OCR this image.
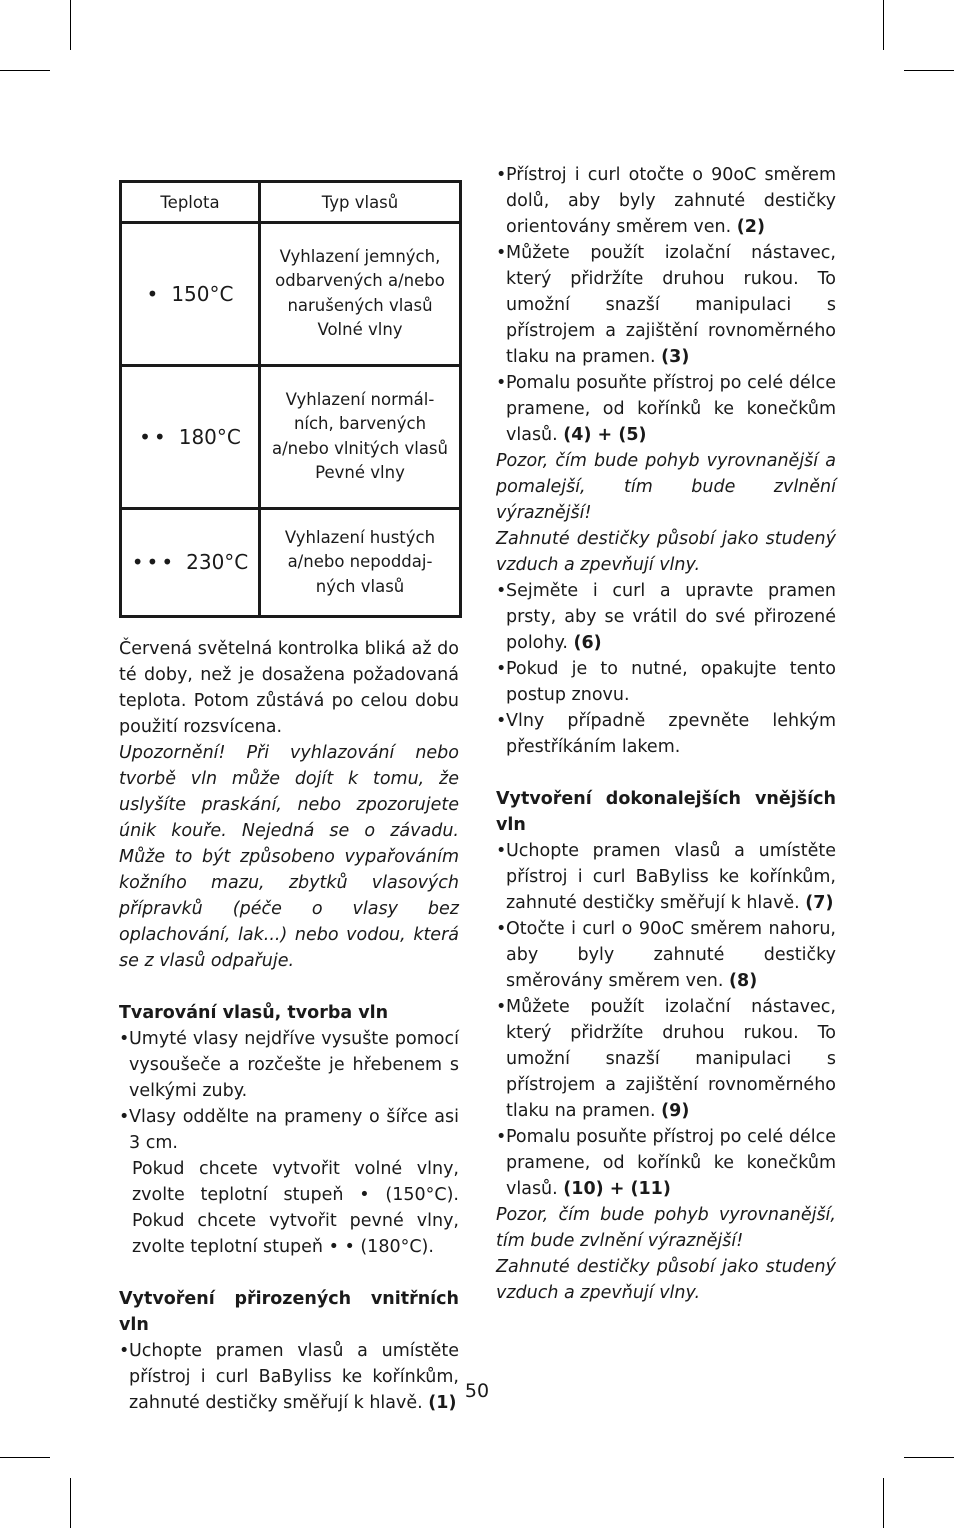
Teplota	Typ vlasů
• 150°C	Vyhlazení jemných,
odbarvených a/nebo
narušených vlasů
Volné vlny

•• 180°C	Vyhlazení normál-
ních, barvených
a/nebo vlnitých vlasů
Pevné vlny

••• 230°C	Vyhlazení hustých
a/nebo nepoddaj-
ných vlasů

Červená světelná kontrolka bliká až do té doby, než je dosažena požadovaná teplota. Potom zůstává po celou dobu použití rozsvícena.

Upozornění! Při vyhlazování nebo tvorbě vln může dojít k tomu, že uslyšíte praskání, nebo zpozorujete únik kouře. Nejedná se o závadu. Může to být způsobeno vypařováním kožního mazu, zbytků vlasových přípravků (péče o vlasy bez oplachování, lak...) nebo vodou, která se z vlasů odpařuje.

Tvarování vlasů, tvorba vln

• Umyté vlasy nejdříve vysušte pomocí vysoušeče a rozčešte je hřebenem s velkými zuby.
• Vlasy oddělte na prameny o šířce asi 3 cm.

Pokud chcete vytvořit volné vlny, zvolte teplotní stupeň • (150°C). Pokud chcete vytvořit pevné vlny, zvolte teplotní stupeň • • (180°C).

Vytvoření přirozených vnitřních vln

• Uchopte pramen vlasů a umístěte přístroj i curl BaByliss ke kořínkům, zahnuté destičky směřují k hlavě. (1)
• Přístroj i curl otočte o 90oC směrem dolů, aby byly zahnuté destičky orientovány směrem ven. (2)
• Můžete použít izolační nástavec, který přidržíte druhou rukou. To umožní snazší manipulaci s přístrojem a zajištění rovnoměrného tlaku na pramen. (3)
• Pomalu posuňte přístroj po celé délce pramene, od kořínků ke konečkům vlasů. (4) + (5)

Pozor, čím bude pohyb vyrovnanější a pomalejší, tím bude zvlnění výraznější!

Zahnuté destičky působí jako studený vzduch a zpevňují vlny.

• Sejměte i curl a upravte pramen prsty, aby se vrátil do své přirozené polohy. (6)
• Pokud je to nutné, opakujte tento postup znovu.
• Vlny případně zpevněte lehkým přestříkáním lakem.

Vytvoření dokonalejších vnějších vln

• Uchopte pramen vlasů a umístěte přístroj i curl BaByliss ke kořínkům, zahnuté destičky směřují k hlavě. (7)
• Otočte i curl o 90oC směrem nahoru, aby byly zahnuté destičky směrovány směrem ven. (8)
• Můžete použít izolační nástavec, který přidržíte druhou rukou. To umožní snazší manipulaci s přístrojem a zajištění rovnoměrného tlaku na pramen. (9)
• Pomalu posuňte přístroj po celé délce pramene, od kořínků ke konečkům vlasů. (10) + (11)

Pozor, čím bude pohyb vyrovnanější, tím bude zvlnění výraznější!

Zahnuté destičky působí jako studený vzduch a zpevňují vlny.

50
